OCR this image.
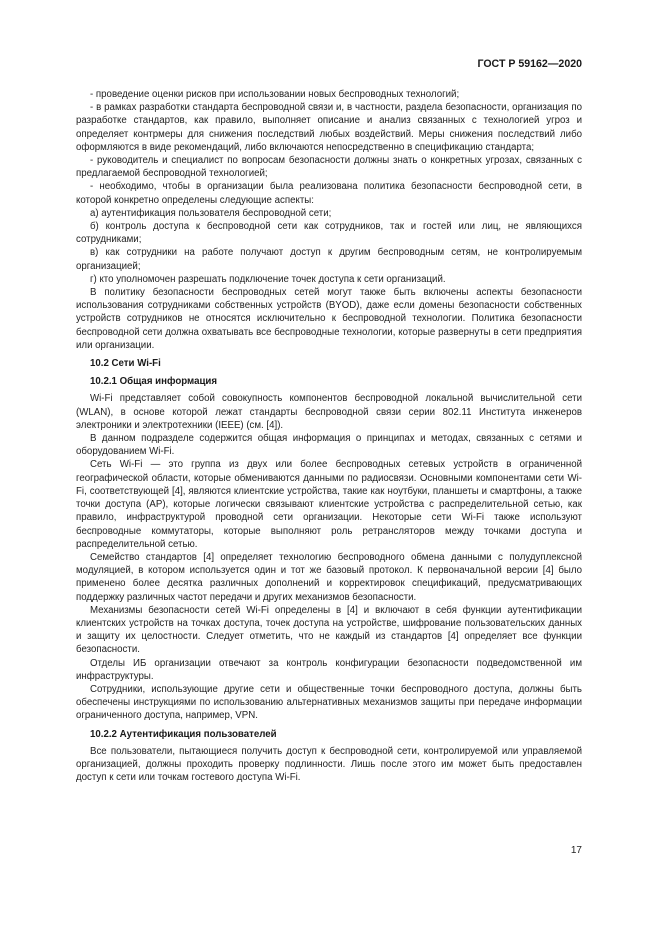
ГОСТ Р 59162—2020

- проведение оценки рисков при использовании новых беспроводных технологий;

- в рамках разработки стандарта беспроводной связи и, в частности, раздела безопасности, организация по разработке стандартов, как правило, выполняет описание и анализ связанных с технологией угроз и определяет контрмеры для снижения последствий любых воздействий. Меры снижения последствий либо оформляются в виде рекомендаций, либо включаются непосредственно в спецификацию стандарта;

- руководитель и специалист по вопросам безопасности должны знать о конкретных угрозах, связанных с предлагаемой беспроводной технологией;

- необходимо, чтобы в организации была реализована политика безопасности беспроводной сети, в которой конкретно определены следующие аспекты:

а) аутентификация пользователя беспроводной сети;

б) контроль доступа к беспроводной сети как сотрудников, так и гостей или лиц, не являющихся сотрудниками;

в) как сотрудники на работе получают доступ к другим беспроводным сетям, не контролируемым организацией;

г) кто уполномочен разрешать подключение точек доступа к сети организаций.

В политику безопасности беспроводных сетей могут также быть включены аспекты безопасности использования сотрудниками собственных устройств (BYOD), даже если домены безопасности собственных устройств сотрудников не относятся исключительно к беспроводной технологии. Политика безопасности беспроводной сети должна охватывать все беспроводные технологии, которые развернуты в сети предприятия или организации.

10.2 Сети Wi-Fi

10.2.1 Общая информация

Wi-Fi представляет собой совокупность компонентов беспроводной локальной вычислительной сети (WLAN), в основе которой лежат стандарты беспроводной связи серии 802.11 Института инженеров электроники и электротехники (IEEE) (см. [4]).

В данном подразделе содержится общая информация о принципах и методах, связанных с сетями и оборудованием Wi-Fi.

Сеть Wi-Fi — это группа из двух или более беспроводных сетевых устройств в ограниченной географической области, которые обмениваются данными по радиосвязи. Основными компонентами сети Wi-Fi, соответствующей [4], являются клиентские устройства, такие как ноутбуки, планшеты и смартфоны, а также точки доступа (AP), которые логически связывают клиентские устройства с распределительной сетью, как правило, инфраструктурой проводной сети организации. Некоторые сети Wi-Fi также используют беспроводные коммутаторы, которые выполняют роль ретрансляторов между точками доступа и распределительной сетью.

Семейство стандартов [4] определяет технологию беспроводного обмена данными с полудуплексной модуляцией, в котором используется один и тот же базовый протокол. К первоначальной версии [4] было применено более десятка различных дополнений и корректировок спецификаций, предусматривающих поддержку различных частот передачи и других механизмов безопасности.

Механизмы безопасности сетей Wi-Fi определены в [4] и включают в себя функции аутентификации клиентских устройств на точках доступа, точек доступа на устройстве, шифрование пользовательских данных и защиту их целостности. Следует отметить, что не каждый из стандартов [4] определяет все функции безопасности.

Отделы ИБ организации отвечают за контроль конфигурации безопасности подведомственной им инфраструктуры.

Сотрудники, использующие другие сети и общественные точки беспроводного доступа, должны быть обеспечены инструкциями по использованию альтернативных механизмов защиты при передаче информации ограниченного доступа, например, VPN.

10.2.2 Аутентификация пользователей

Все пользователи, пытающиеся получить доступ к беспроводной сети, контролируемой или управляемой организацией, должны проходить проверку подлинности. Лишь после этого им может быть предоставлен доступ к сети или точкам гостевого доступа Wi-Fi.

17
